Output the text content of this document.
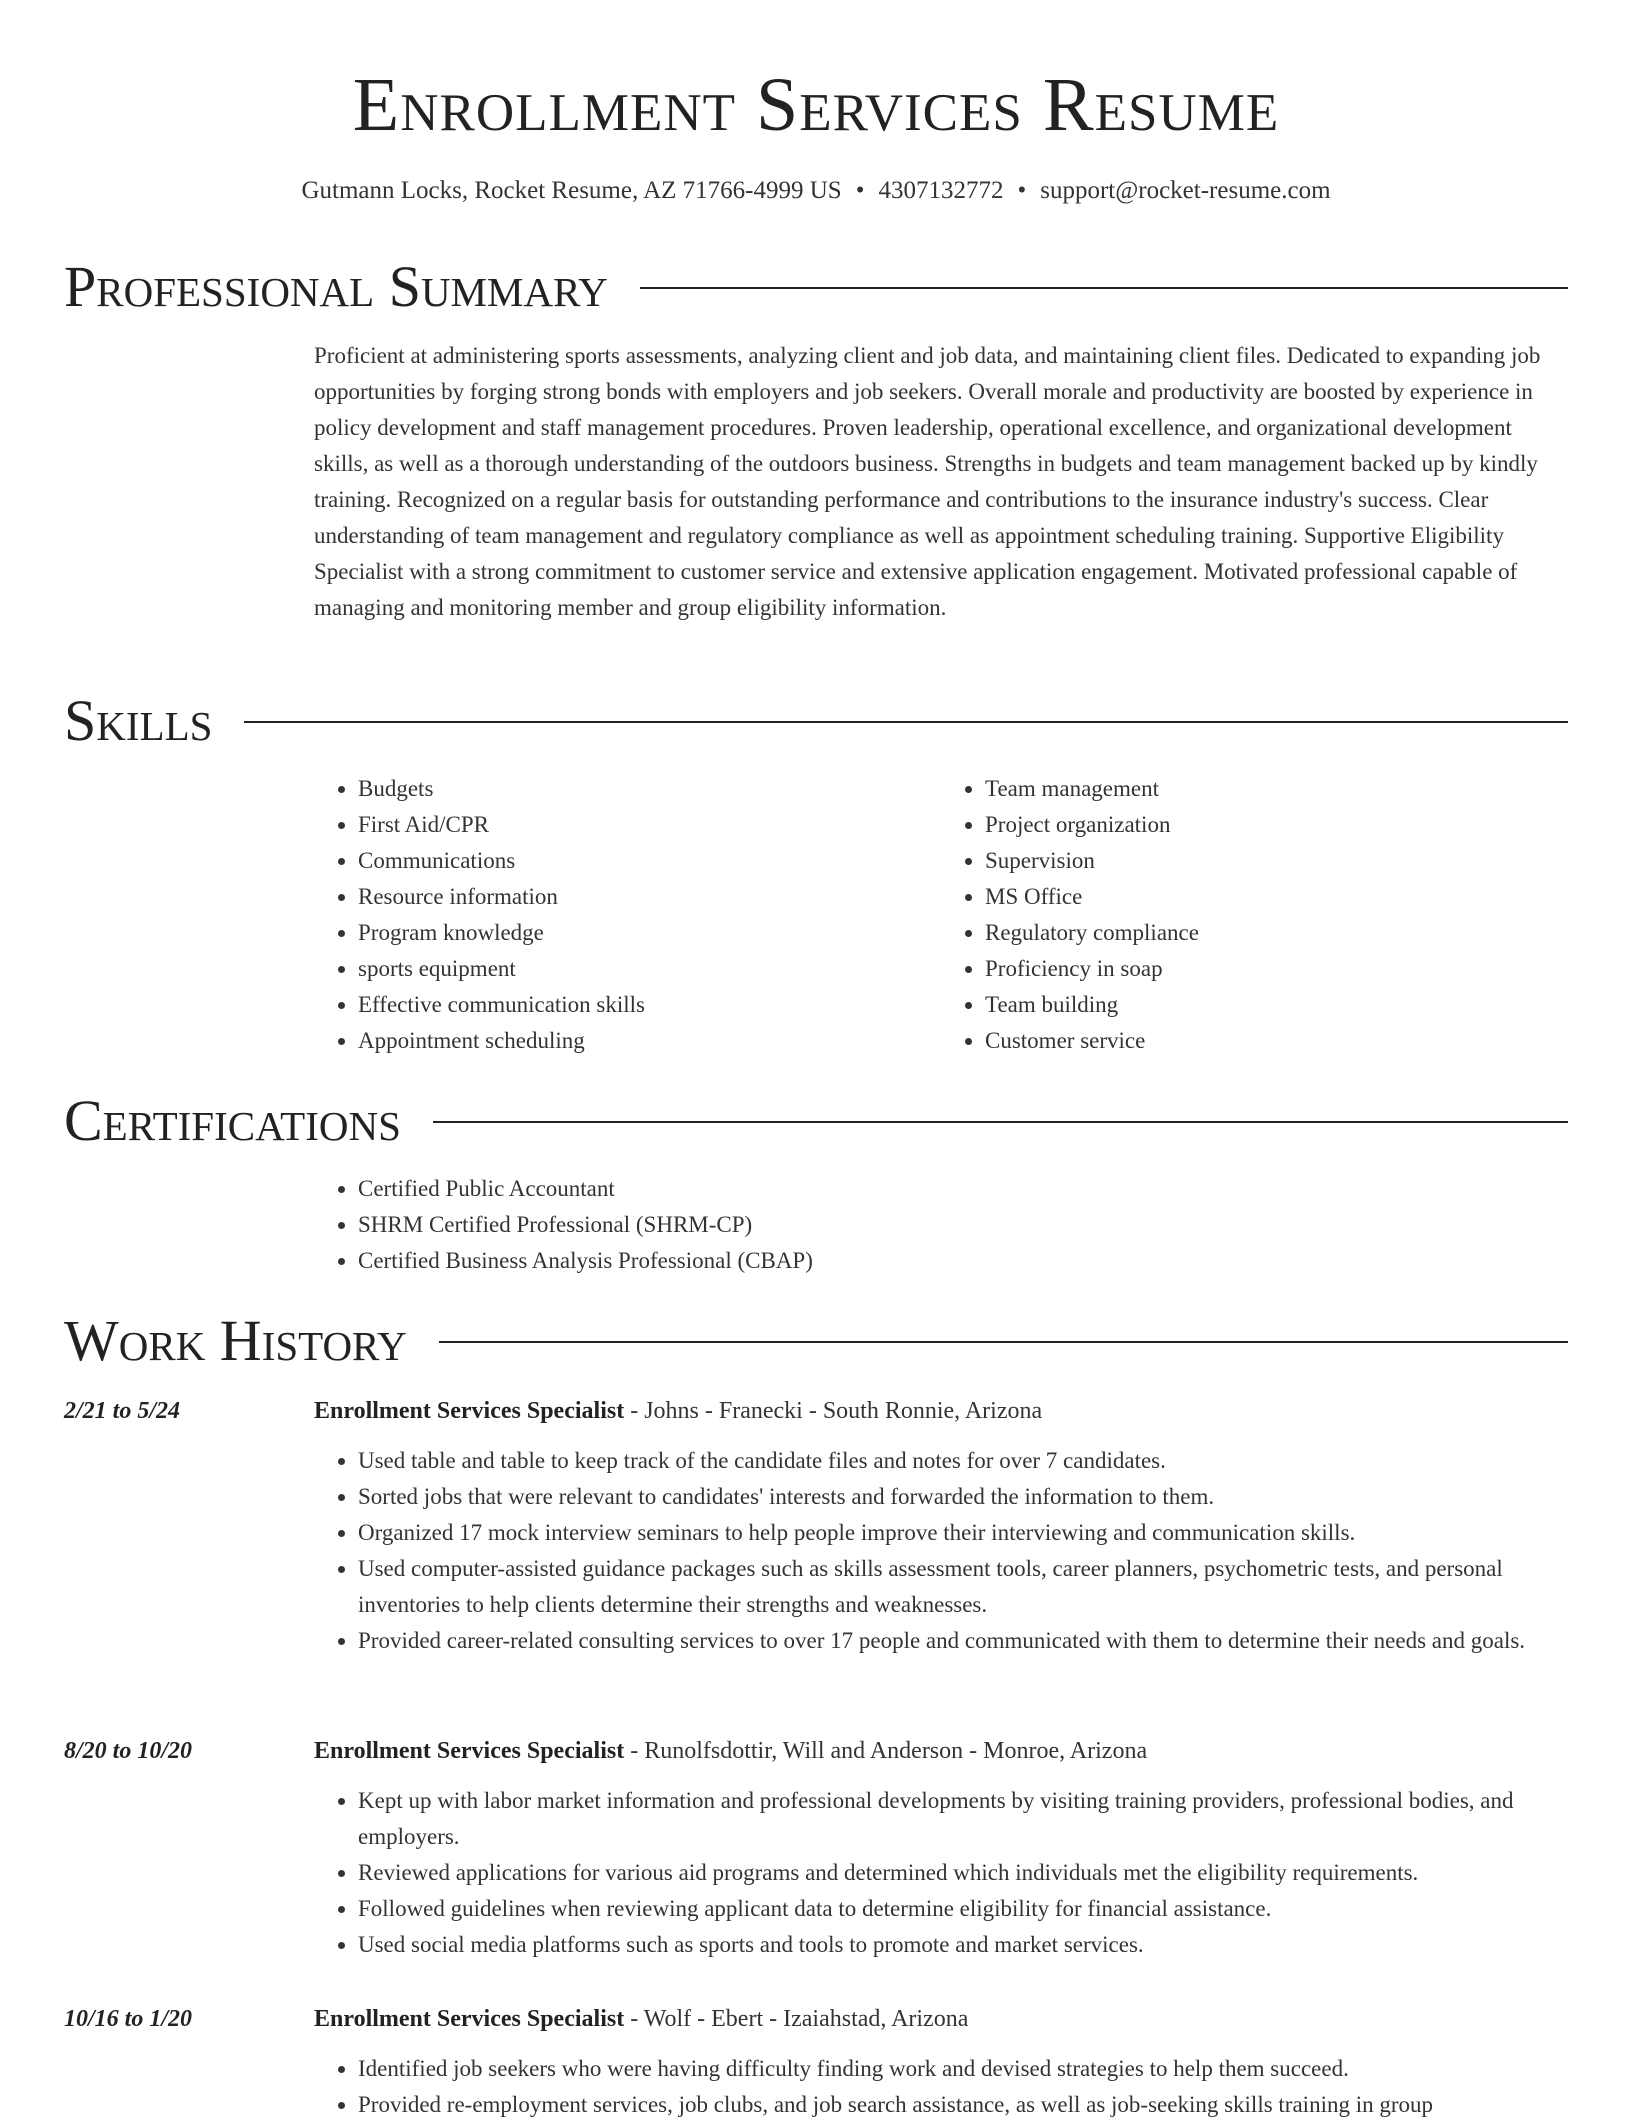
Enrollment Services Resume
Gutmann Locks, Rocket Resume, AZ 71766-4999 US • 4307132772 • support@rocket-resume.com
Professional Summary

Proficient at administering sports assessments, analyzing client and job data, and maintaining client files. Dedicated to expanding job opportunities by forging strong bonds with employers and job seekers. Overall morale and productivity are boosted by experience in policy development and staff management procedures. Proven leadership, operational excellence, and organizational development skills, as well as a thorough understanding of the outdoors business. Strengths in budgets and team management backed up by kindly training. Recognized on a regular basis for outstanding performance and contributions to the insurance industry's success. Clear understanding of team management and regulatory compliance as well as appointment scheduling training. Supportive Eligibility Specialist with a strong commitment to customer service and extensive application engagement. Motivated professional capable of managing and monitoring member and group eligibility information.

Skills
• Budgets
• First Aid/CPR
• Communications
• Resource information
• Program knowledge
• sports equipment
• Effective communication skills
• Appointment scheduling
• Team management
• Project organization
• Supervision
• MS Office
• Regulatory compliance
• Proficiency in soap
• Team building
• Customer service
Certifications
• Certified Public Accountant
• SHRM Certified Professional (SHRM-CP)
• Certified Business Analysis Professional (CBAP)
Work History
2/21 to 5/24	Enrollment Services Specialist - Johns - Franecki - South Ronnie, Arizona

• Used table and table to keep track of the candidate files and notes for over 7 candidates.
• Sorted jobs that were relevant to candidates' interests and forwarded the information to them.
• Organized 17 mock interview seminars to help people improve their interviewing and communication skills.
• Used computer-assisted guidance packages such as skills assessment tools, career planners, psychometric tests, and personal inventories to help clients determine their strengths and weaknesses.
• Provided career-related consulting services to over 17 people and communicated with them to determine their needs and goals.
8/20 to 10/20	Enrollment Services Specialist - Runolfsdottir, Will and Anderson - Monroe, Arizona

• Kept up with labor market information and professional developments by visiting training providers, professional bodies, and employers.
• Reviewed applications for various aid programs and determined which individuals met the eligibility requirements.
• Followed guidelines when reviewing applicant data to determine eligibility for financial assistance.
• Used social media platforms such as sports and tools to promote and market services.
10/16 to 1/20	Enrollment Services Specialist - Wolf - Ebert - Izaiahstad, Arizona

• Identified job seekers who were having difficulty finding work and devised strategies to help them succeed.
• Provided re-employment services, job clubs, and job search assistance, as well as job-seeking skills training in group
